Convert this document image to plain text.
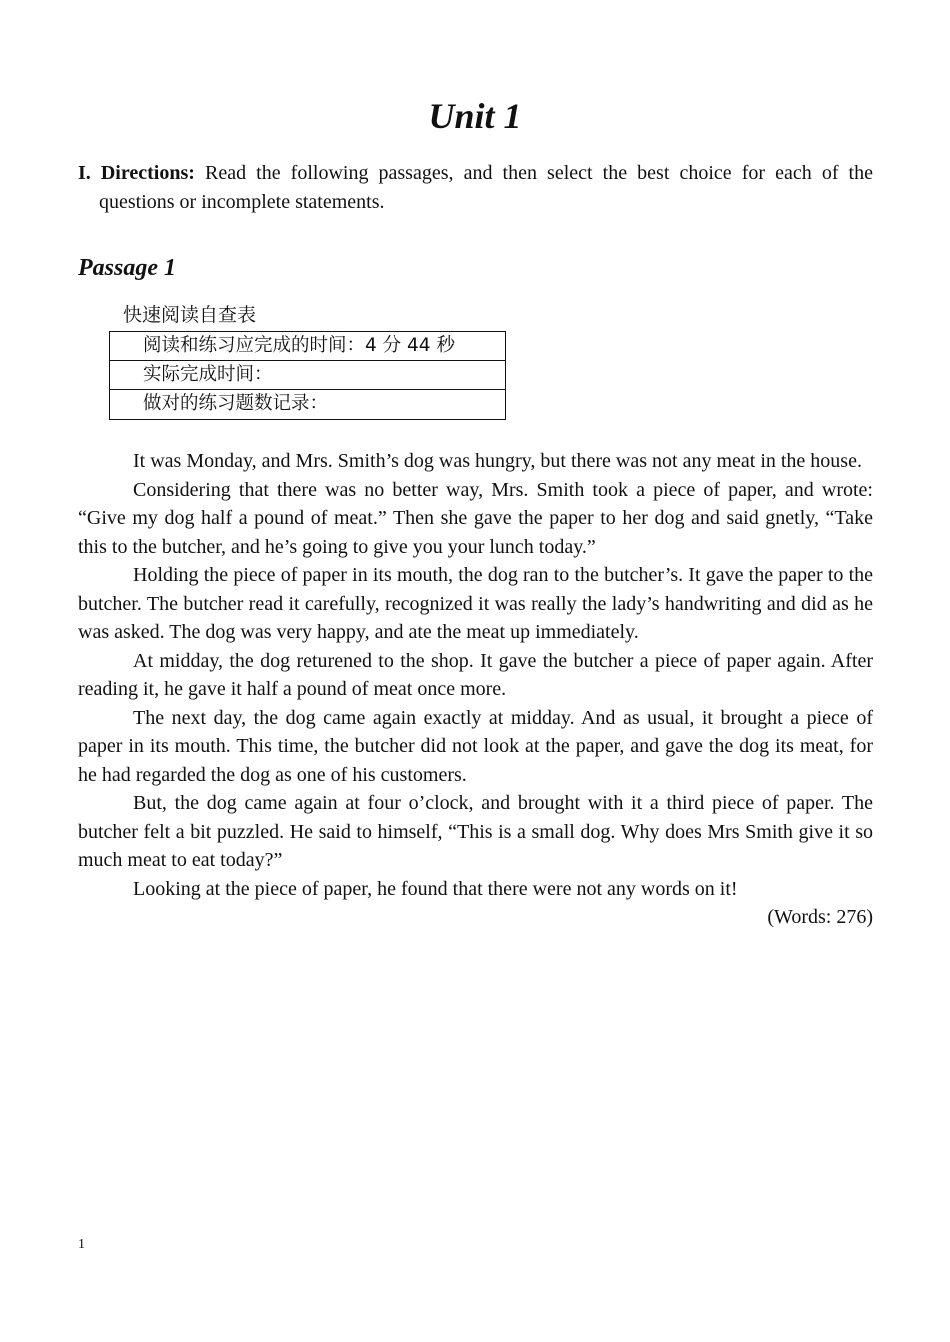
Unit 1
I. Directions: Read the following passages, and then select the best choice for each of the questions or incomplete statements.
Passage 1
快速阅读自查表
阅读和练习应完成的时间：4 分 44 秒
实际完成时间：
做对的练习题数记录：

It was Monday, and Mrs. Smith’s dog was hungry, but there was not any meat in the house.

Considering that there was no better way, Mrs. Smith took a piece of paper, and wrote: “Give my dog half a pound of meat.” Then she gave the paper to her dog and said gnetly, “Take this to the butcher, and he’s going to give you your lunch today.”

Holding the piece of paper in its mouth, the dog ran to the butcher’s. It gave the paper to the butcher. The butcher read it carefully, recognized it was really the lady’s handwriting and did as he was asked. The dog was very happy, and ate the meat up immediately.

At midday, the dog returened to the shop. It gave the butcher a piece of paper again. After reading it, he gave it half a pound of meat once more.

The next day, the dog came again exactly at midday. And as usual, it brought a piece of paper in its mouth. This time, the butcher did not look at the paper, and gave the dog its meat, for he had regarded the dog as one of his customers.

But, the dog came again at four o’clock, and brought with it a third piece of paper. The butcher felt a bit puzzled. He said to himself, “This is a small dog. Why does Mrs Smith give it so much meat to eat today?”

Looking at the piece of paper, he found that there were not any words on it!

(Words: 276)

1
